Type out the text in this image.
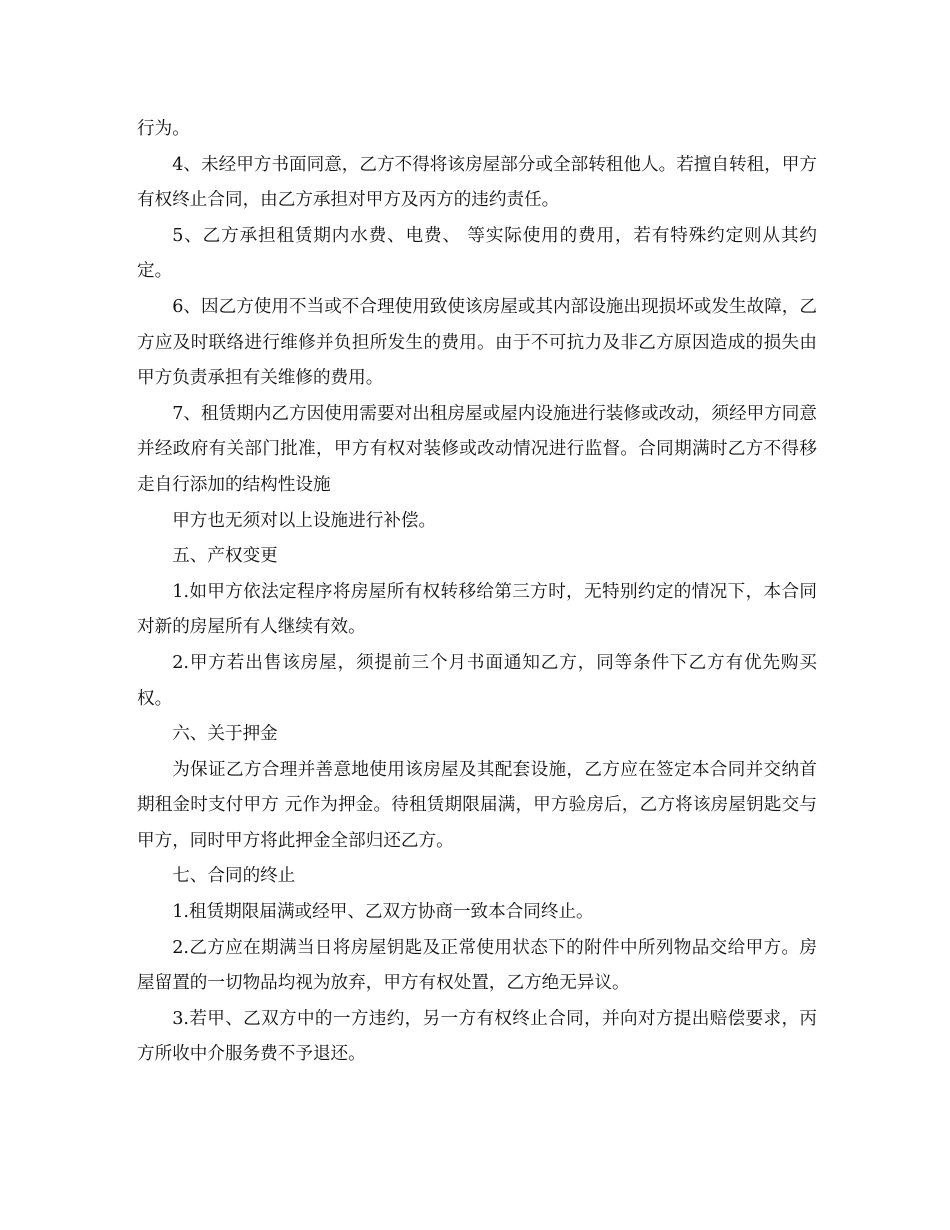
行为。

4、未经甲方书面同意，乙方不得将该房屋部分或全部转租他人。若擅自转租，甲方有权终止合同，由乙方承担对甲方及丙方的违约责任。

5、乙方承担租赁期内水费、电费、 等实际使用的费用，若有特殊约定则从其约定。

6、因乙方使用不当或不合理使用致使该房屋或其内部设施出现损坏或发生故障，乙方应及时联络进行维修并负担所发生的费用。由于不可抗力及非乙方原因造成的损失由甲方负责承担有关维修的费用。

7、租赁期内乙方因使用需要对出租房屋或屋内设施进行装修或改动，须经甲方同意并经政府有关部门批准，甲方有权对装修或改动情况进行监督。合同期满时乙方不得移走自行添加的结构性设施

甲方也无须对以上设施进行补偿。

五、产权变更

1.如甲方依法定程序将房屋所有权转移给第三方时，无特别约定的情况下，本合同对新的房屋所有人继续有效。

2.甲方若出售该房屋，须提前三个月书面通知乙方，同等条件下乙方有优先购买权。

六、关于押金

为保证乙方合理并善意地使用该房屋及其配套设施，乙方应在签定本合同并交纳首期租金时支付甲方 元作为押金。待租赁期限届满，甲方验房后，乙方将该房屋钥匙交与甲方，同时甲方将此押金全部归还乙方。

七、合同的终止

1.租赁期限届满或经甲、乙双方协商一致本合同终止。

2.乙方应在期满当日将房屋钥匙及正常使用状态下的附件中所列物品交给甲方。房屋留置的一切物品均视为放弃，甲方有权处置，乙方绝无异议。

3.若甲、乙双方中的一方违约，另一方有权终止合同，并向对方提出赔偿要求，丙方所收中介服务费不予退还。
